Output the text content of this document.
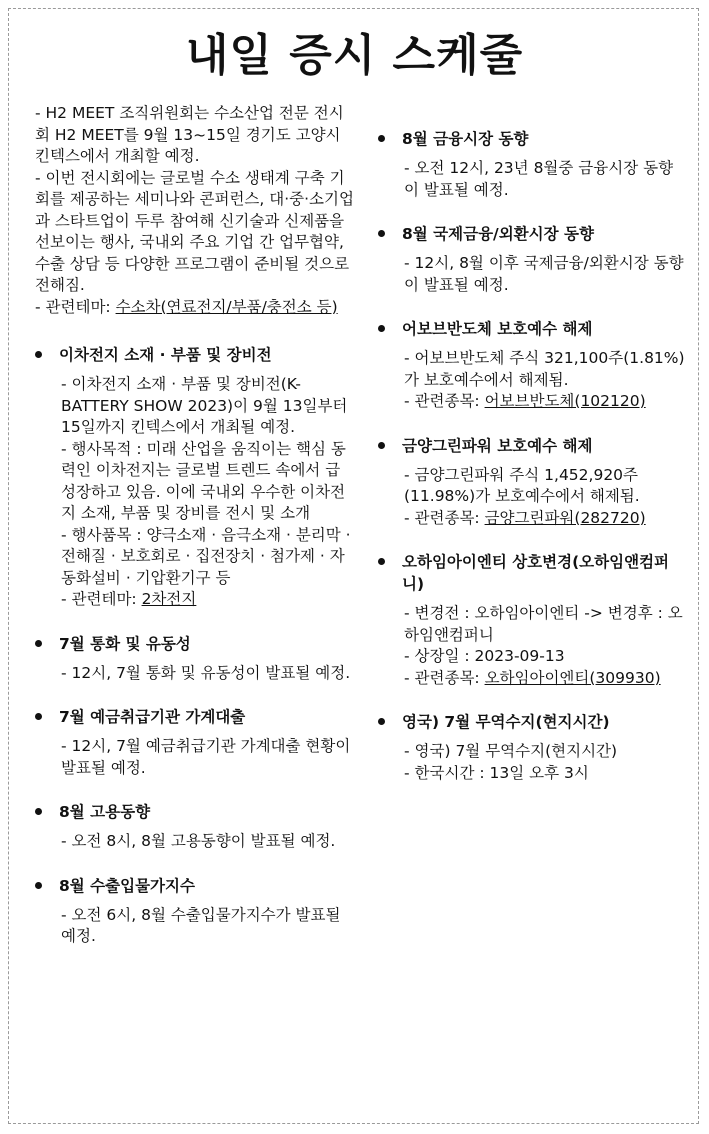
내일 증시 스케줄

- H2 MEET 조직위원회는 수소산업 전문 전시회 H2 MEET를 9월 13~15일 경기도 고양시 킨텍스에서 개최할 예정.

- 이번 전시회에는 글로벌 수소 생태계 구축 기회를 제공하는 세미나와 콘퍼런스, 대·중·소기업과 스타트업이 두루 참여해 신기술과 신제품을 선보이는 행사, 국내외 주요 기업 간 업무협약, 수출 상담 등 다양한 프로그램이 준비될 것으로 전해짐.

- 관련테마: 수소차(연료전지/부품/충전소 등)

이차전지 소재 · 부품 및 장비전

- 이차전지 소재 · 부품 및 장비전(K-BATTERY SHOW 2023)이 9월 13일부터 15일까지 킨텍스에서 개최될 예정.

- 행사목적 : 미래 산업을 움직이는 핵심 동력인 이차전지는 글로벌 트렌드 속에서 급 성장하고 있음. 이에 국내외 우수한 이차전지 소재, 부품 및 장비를 전시 및 소개

- 행사품목 : 양극소재 · 음극소재 · 분리막 · 전해질 · 보호회로 · 집전장치 · 첨가제 · 자동화설비 · 기압환기구 등

- 관련테마: 2차전지

7월 통화 및 유동성

- 12시, 7월 통화 및 유동성이 발표될 예정.

7월 예금취급기관 가계대출

- 12시, 7월 예금취급기관 가계대출 현황이 발표될 예정.

8월 고용동향

- 오전 8시, 8월 고용동향이 발표될 예정.

8월 수출입물가지수

- 오전 6시, 8월 수출입물가지수가 발표될 예정.

8월 금융시장 동향

- 오전 12시, 23년 8월중 금융시장 동향이 발표될 예정.

8월 국제금융/외환시장 동향

- 12시, 8월 이후 국제금융/외환시장 동향이 발표될 예정.

어보브반도체 보호예수 해제

- 어보브반도체 주식 321,100주(1.81%)가 보호예수에서 해제됨.

- 관련종목: 어보브반도체(102120)

금양그린파워 보호예수 해제

- 금양그린파워 주식 1,452,920주(11.98%)가 보호예수에서 해제됨.

- 관련종목: 금양그린파워(282720)

오하임아이엔티 상호변경(오하임앤컴퍼니)

- 변경전 : 오하임아이엔티 -> 변경후 : 오하임앤컴퍼니

- 상장일 : 2023-09-13

- 관련종목: 오하임아이엔티(309930)

영국) 7월 무역수지(현지시간)

- 영국) 7월 무역수지(현지시간)

- 한국시간 : 13일 오후 3시
